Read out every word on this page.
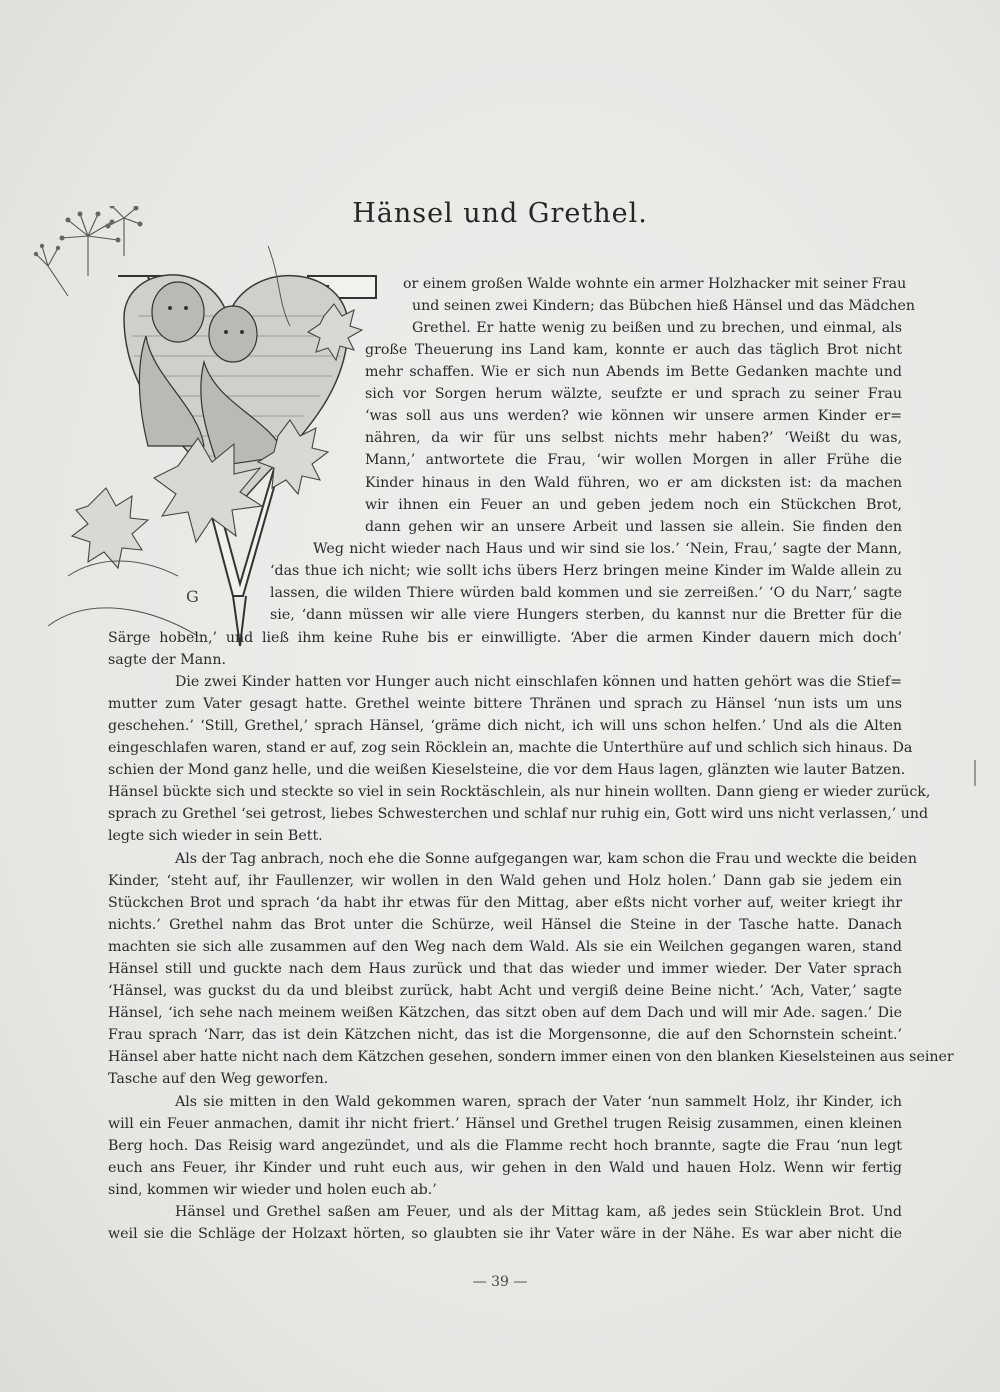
Hänsel und Grethel.
G
or einem großen Walde wohnte ein armer Holzhacker mit seiner Frau
und seinen zwei Kindern; das Bübchen hieß Hänsel und das Mädchen
Grethel. Er hatte wenig zu beißen und zu brechen, und einmal, als
große Theuerung ins Land kam, konnte er auch das täglich Brot nicht
mehr schaffen. Wie er sich nun Abends im Bette Gedanken machte und
sich vor Sorgen herum wälzte, seufzte er und sprach zu seiner Frau
‘was soll aus uns werden? wie können wir unsere armen Kinder er=
nähren, da wir für uns selbst nichts mehr haben?’ ‘Weißt du was,
Mann,’ antwortete die Frau, ‘wir wollen Morgen in aller Frühe die
Kinder hinaus in den Wald führen, wo er am dicksten ist: da machen
wir ihnen ein Feuer an und geben jedem noch ein Stückchen Brot,
dann gehen wir an unsere Arbeit und lassen sie allein. Sie finden den
Weg nicht wieder nach Haus und wir sind sie los.’ ‘Nein, Frau,’ sagte der Mann,
‘das thue ich nicht; wie sollt ichs übers Herz bringen meine Kinder im Walde allein zu
lassen, die wilden Thiere würden bald kommen und sie zerreißen.’ ‘O du Narr,’ sagte
sie, ‘dann müssen wir alle viere Hungers sterben, du kannst nur die Bretter für die
Särge hobeln,’ und ließ ihm keine Ruhe bis er einwilligte. ‘Aber die armen Kinder dauern mich doch’
sagte der Mann.
Die zwei Kinder hatten vor Hunger auch nicht einschlafen können und hatten gehört was die Stief=
mutter zum Vater gesagt hatte. Grethel weinte bittere Thränen und sprach zu Hänsel ‘nun ists um uns
geschehen.’ ‘Still, Grethel,’ sprach Hänsel, ‘gräme dich nicht, ich will uns schon helfen.’ Und als die Alten
eingeschlafen waren, stand er auf, zog sein Röcklein an, machte die Unterthüre auf und schlich sich hinaus. Da
schien der Mond ganz helle, und die weißen Kieselsteine, die vor dem Haus lagen, glänzten wie lauter Batzen.
Hänsel bückte sich und steckte so viel in sein Rocktäschlein, als nur hinein wollten. Dann gieng er wieder zurück,
sprach zu Grethel ‘sei getrost, liebes Schwesterchen und schlaf nur ruhig ein, Gott wird uns nicht verlassen,’ und
legte sich wieder in sein Bett.
Als der Tag anbrach, noch ehe die Sonne aufgegangen war, kam schon die Frau und weckte die beiden
Kinder, ‘steht auf, ihr Faullenzer, wir wollen in den Wald gehen und Holz holen.’ Dann gab sie jedem ein
Stückchen Brot und sprach ‘da habt ihr etwas für den Mittag, aber eßts nicht vorher auf, weiter kriegt ihr
nichts.’ Grethel nahm das Brot unter die Schürze, weil Hänsel die Steine in der Tasche hatte. Danach
machten sie sich alle zusammen auf den Weg nach dem Wald. Als sie ein Weilchen gegangen waren, stand
Hänsel still und guckte nach dem Haus zurück und that das wieder und immer wieder. Der Vater sprach
‘Hänsel, was guckst du da und bleibst zurück, habt Acht und vergiß deine Beine nicht.’ ‘Ach, Vater,’ sagte
Hänsel, ‘ich sehe nach meinem weißen Kätzchen, das sitzt oben auf dem Dach und will mir Ade. sagen.’ Die
Frau sprach ‘Narr, das ist dein Kätzchen nicht, das ist die Morgensonne, die auf den Schornstein scheint.’
Hänsel aber hatte nicht nach dem Kätzchen gesehen, sondern immer einen von den blanken Kieselsteinen aus seiner
Tasche auf den Weg geworfen.
Als sie mitten in den Wald gekommen waren, sprach der Vater ‘nun sammelt Holz, ihr Kinder, ich
will ein Feuer anmachen, damit ihr nicht friert.’ Hänsel und Grethel trugen Reisig zusammen, einen kleinen
Berg hoch. Das Reisig ward angezündet, und als die Flamme recht hoch brannte, sagte die Frau ‘nun legt
euch ans Feuer, ihr Kinder und ruht euch aus, wir gehen in den Wald und hauen Holz. Wenn wir fertig
sind, kommen wir wieder und holen euch ab.’
Hänsel und Grethel saßen am Feuer, und als der Mittag kam, aß jedes sein Stücklein Brot. Und
weil sie die Schläge der Holzaxt hörten, so glaubten sie ihr Vater wäre in der Nähe. Es war aber nicht die
— 39 —
